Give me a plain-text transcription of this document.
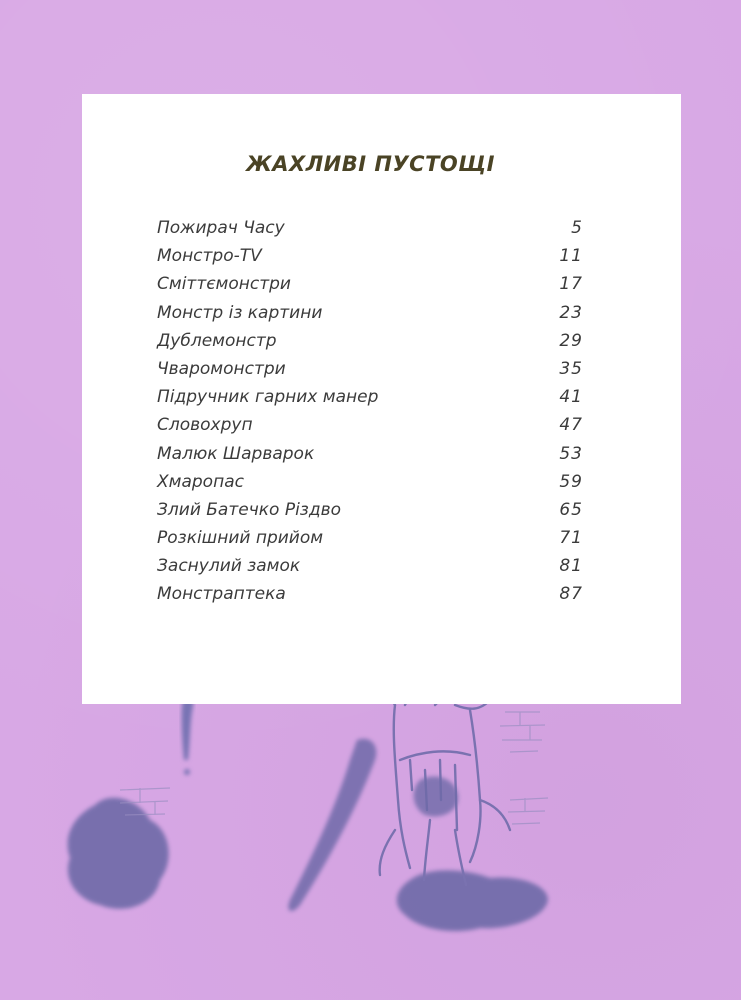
ЖАХЛИВІ ПУСТОЩІ
Пожирач Часу	5
Монстро-TV	11
Сміттємонстри	17
Монстр із картини	23
Дублемонстр	29
Чваромонстри	35
Підручник гарних манер	41
Словохруп	47
Малюк Шарварок	53
Хмаропас	59
Злий Батечко Різдво	65
Розкішний прийом	71
Заснулий замок	81
Монстраптека	87
